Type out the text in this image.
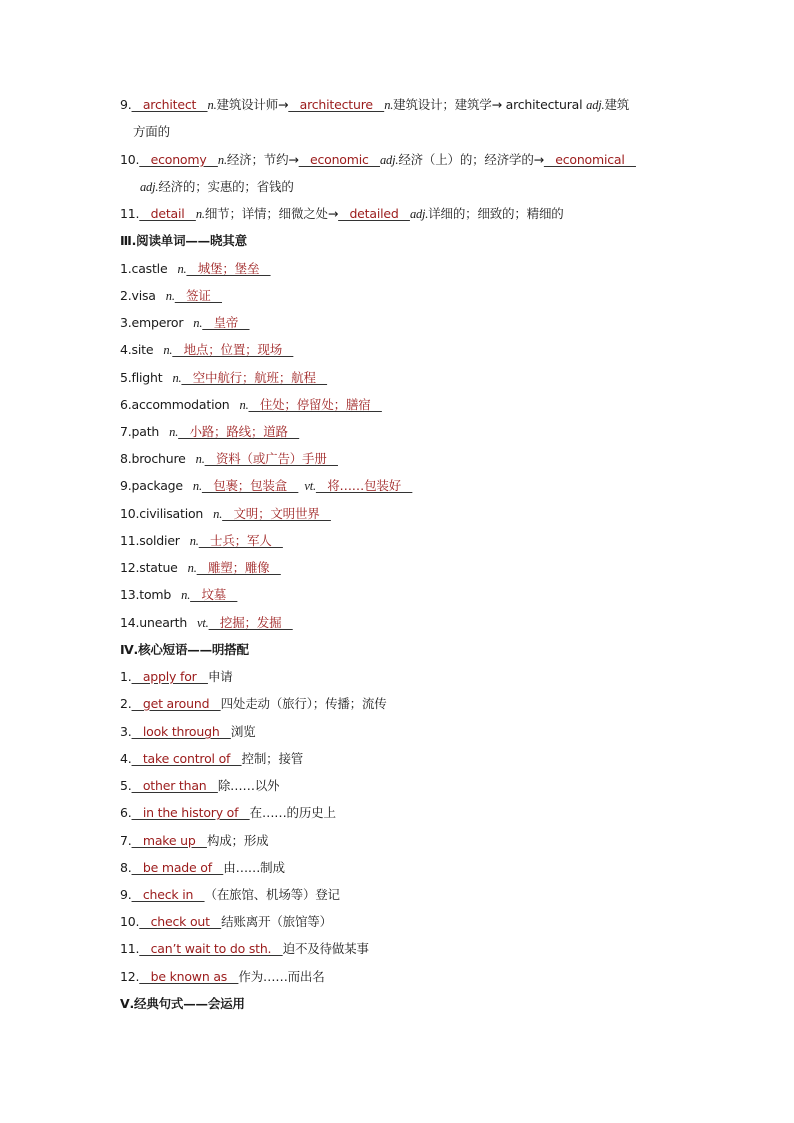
9.   architect   n.建筑设计师→   architecture   n.建筑设计；建筑学→ architectural adj.建筑
方面的
10.   economy   n.经济；节约→   economic   adj.经济（上）的；经济学的→   economical
adj.经济的；实惠的；省钱的
11.   detail   n.细节；详情；细微之处→   detailed   adj.详细的；细致的；精细的
Ⅲ.阅读单词——晓其意
1.castle n.   城堡；堡垒
2.visa n.   签证
3.emperor n.   皇帝
4.site n.   地点；位置；现场
5.flight n.   空中航行；航班；航程
6.accommodation n.   住处；停留处；膳宿
7.path n.   小路；路线；道路
8.brochure n.   资料（或广告）手册
9.package n.   包裹；包装盒   vt.   将……包装好
10.civilisation n.   文明；文明世界
11.soldier n.   士兵；军人
12.statue n.   雕塑；雕像
13.tomb n.   坟墓
14.unearth vt.   挖掘；发掘
Ⅳ.核心短语——明搭配
1.   apply for   申请
2.   get around   四处走动（旅行）；传播；流传
3.   look through   浏览
4.   take control of   控制；接管
5.   other than   除……以外
6.   in the history of   在……的历史上
7.   make up   构成；形成
8.   be made of   由……制成
9.   check in   （在旅馆、机场等）登记
10.   check out   结账离开（旅馆等）
11.   can’t wait to do sth.   迫不及待做某事
12.   be known as   作为……而出名
Ⅴ.经典句式——会运用
